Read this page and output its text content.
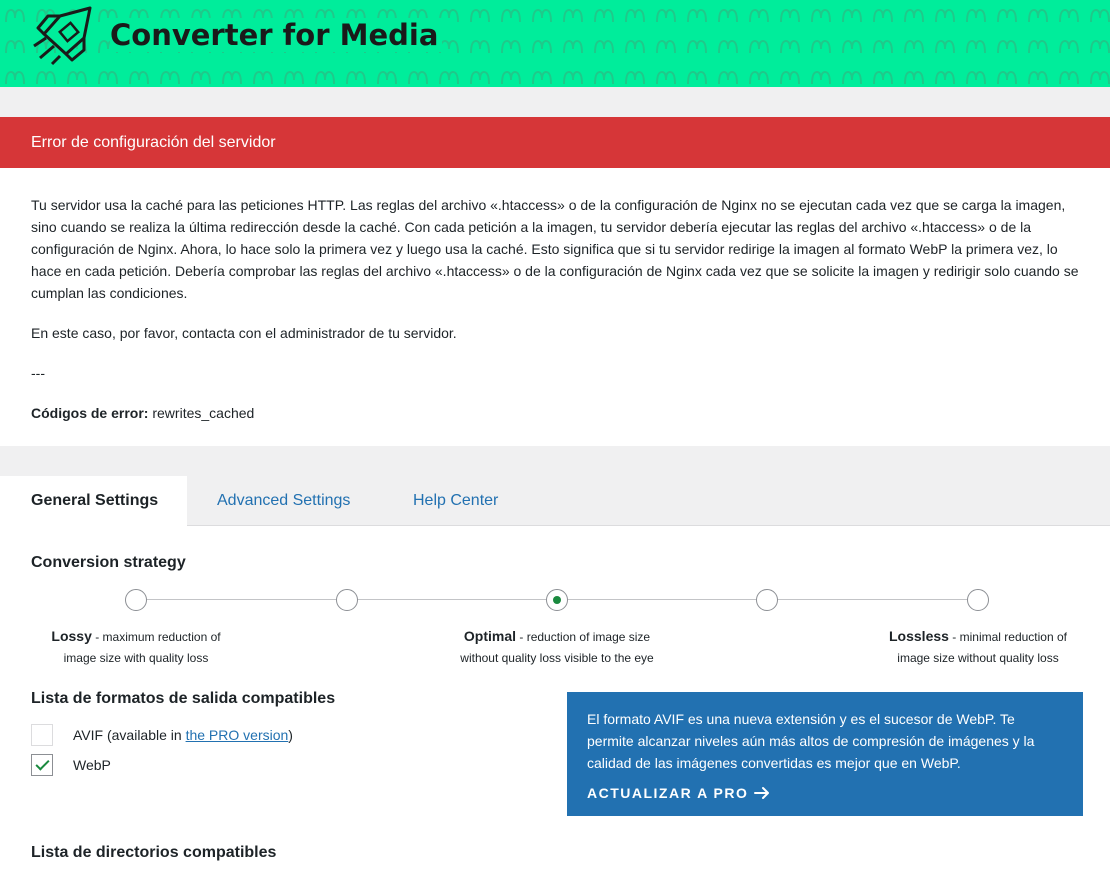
Converter for Media
Error de configuración del servidor

Tu servidor usa la caché para las peticiones HTTP. Las reglas del archivo «.htaccess» o de la configuración de Nginx no se ejecutan cada vez que se carga la imagen, sino cuando se realiza la última redirección desde la caché. Con cada petición a la imagen, tu servidor debería ejecutar las reglas del archivo «.htaccess» o de la configuración de Nginx. Ahora, lo hace solo la primera vez y luego usa la caché. Esto significa que si tu servidor redirige la imagen al formato WebP la primera vez, lo hace en cada petición. Debería comprobar las reglas del archivo «.htaccess» o de la configuración de Nginx cada vez que se solicite la imagen y redirigir solo cuando se cumplan las condiciones.

En este caso, por favor, contacta con el administrador de tu servidor.

---

Códigos de error: rewrites_cached

General Settings	Advanced Settings	Help Center
Conversion strategy
Lossy - maximum reduction of
image size with quality loss
Optimal - reduction of image size
without quality loss visible to the eye
Lossless - minimal reduction of
image size without quality loss
Lista de formatos de salida compatibles
AVIF (available in the PRO version)
WebP
El formato AVIF es una nueva extensión y es el sucesor de WebP. Te permite alcanzar niveles aún más altos de compresión de imágenes y la calidad de las imágenes convertidas es mejor que en WebP.
ACTUALIZAR A PRO
Lista de directorios compatibles
